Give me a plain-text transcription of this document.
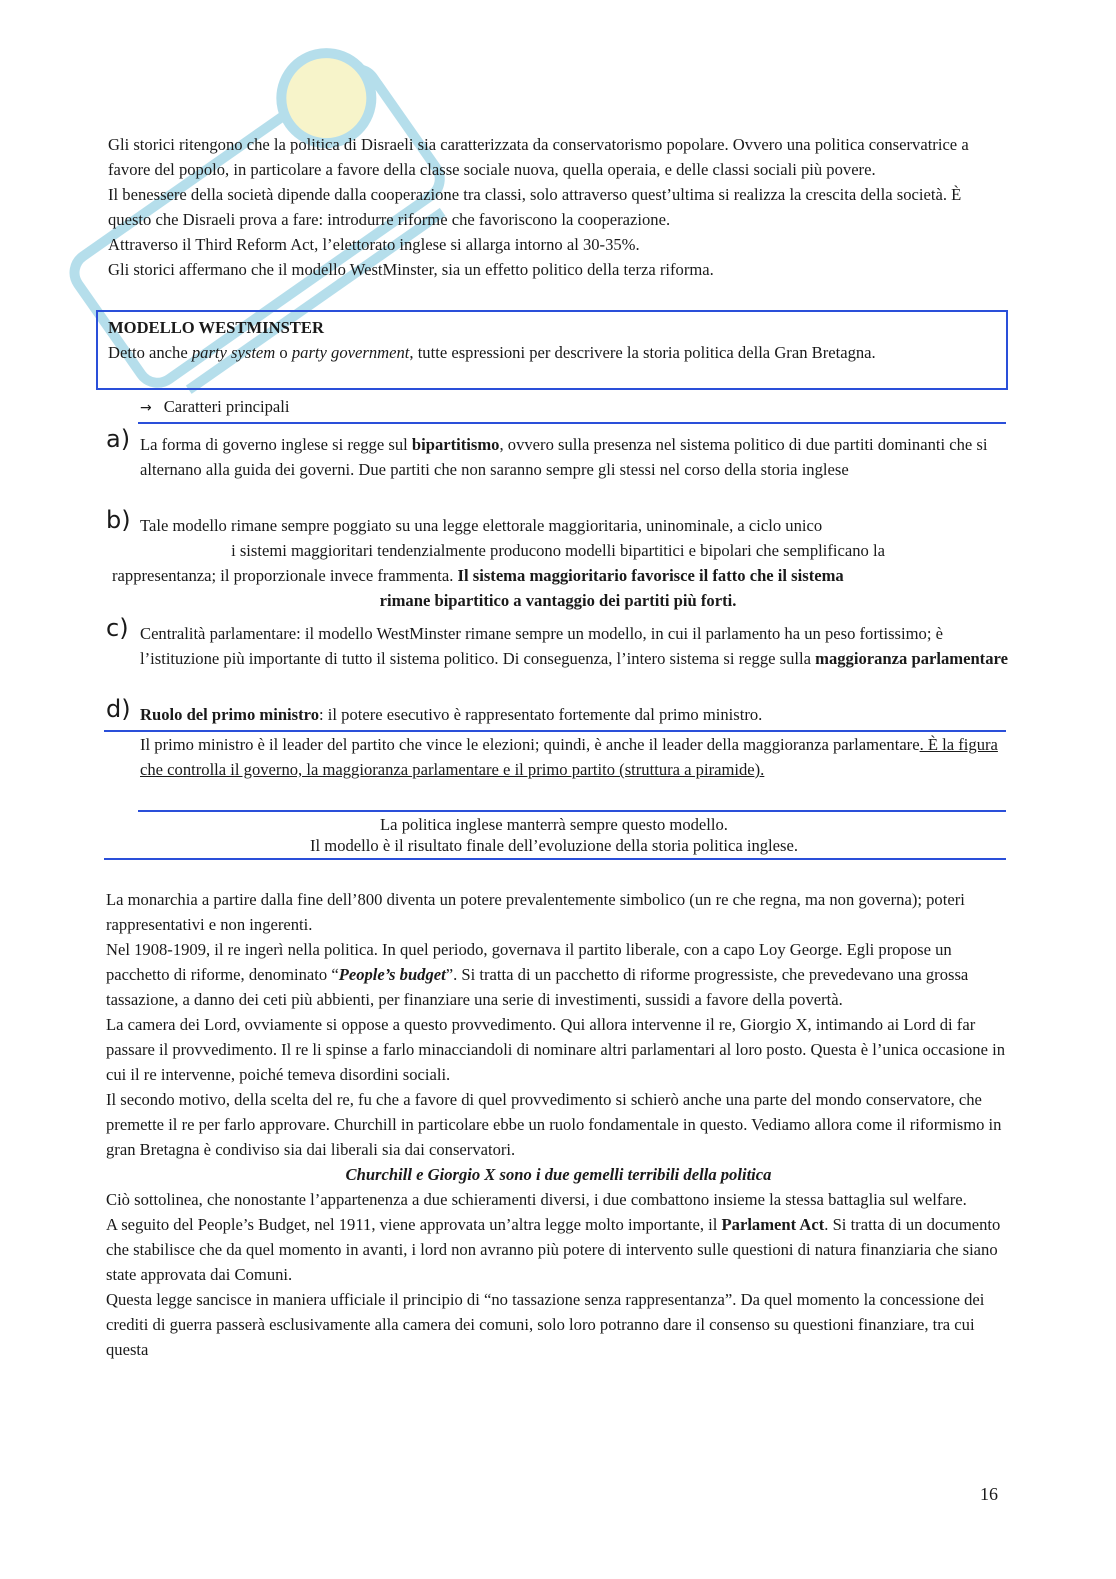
Gli storici ritengono che la politica di Disraeli sia caratterizzata da conservatorismo popolare. Ovvero una politica conservatrice a favore del popolo, in particolare a favore della classe sociale nuova, quella operaia, e delle classi sociali più povere.

Il benessere della società dipende dalla cooperazione tra classi, solo attraverso quest’ultima si realizza la crescita della società. È questo che Disraeli prova a fare: introdurre riforme che favoriscono la cooperazione.

Attraverso il Third Reform Act, l’elettorato inglese si allarga intorno al 30-35%.

Gli storici affermano che il modello WestMinster, sia un effetto politico della terza riforma.

MODELLO WESTMINSTER
Detto anche party system o party government, tutte espressioni per descrivere la storia politica della Gran Bretagna.
→ Caratteri principali
a) La forma di governo inglese si regge sul bipartitismo, ovvero sulla presenza nel sistema politico di due partiti dominanti che si alternano alla guida dei governi. Due partiti che non saranno sempre gli stessi nel corso della storia inglese
b) Tale modello rimane sempre poggiato su una legge elettorale maggioritaria, uninominale, a ciclo unico
i sistemi maggioritari tendenzialmente producono modelli bipartitici e bipolari che semplificano la
rappresentanza; il proporzionale invece frammenta. Il sistema maggioritario favorisce il fatto che il sistema
rimane bipartitico a vantaggio dei partiti più forti.
c) Centralità parlamentare: il modello WestMinster rimane sempre un modello, in cui il parlamento ha un peso fortissimo; è l’istituzione più importante di tutto il sistema politico. Di conseguenza, l’intero sistema si regge sulla maggioranza parlamentare
d) Ruolo del primo ministro: il potere esecutivo è rappresentato fortemente dal primo ministro.
Il primo ministro è il leader del partito che vince le elezioni; quindi, è anche il leader della maggioranza parlamentare. È la figura che controlla il governo, la maggioranza parlamentare e il primo partito (struttura a piramide).
La politica inglese manterrà sempre questo modello.
Il modello è il risultato finale dell’evoluzione della storia politica inglese.

La monarchia a partire dalla fine dell’800 diventa un potere prevalentemente simbolico (un re che regna, ma non governa); poteri rappresentativi e non ingerenti.

Nel 1908-1909, il re ingerì nella politica. In quel periodo, governava il partito liberale, con a capo Loy George. Egli propose un pacchetto di riforme, denominato “People’s budget”. Si tratta di un pacchetto di riforme progressiste, che prevedevano una grossa tassazione, a danno dei ceti più abbienti, per finanziare una serie di investimenti, sussidi a favore della povertà.

La camera dei Lord, ovviamente si oppose a questo provvedimento. Qui allora intervenne il re, Giorgio X, intimando ai Lord di far passare il provvedimento. Il re li spinse a farlo minacciandoli di nominare altri parlamentari al loro posto. Questa è l’unica occasione in cui il re intervenne, poiché temeva disordini sociali.

Il secondo motivo, della scelta del re, fu che a favore di quel provvedimento si schierò anche una parte del mondo conservatore, che premette il re per farlo approvare. Churchill in particolare ebbe un ruolo fondamentale in questo. Vediamo allora come il riformismo in gran Bretagna è condiviso sia dai liberali sia dai conservatori.

Churchill e Giorgio X sono i due gemelli terribili della politica

Ciò sottolinea, che nonostante l’appartenenza a due schieramenti diversi, i due combattono insieme la stessa battaglia sul welfare.

A seguito del People’s Budget, nel 1911, viene approvata un’altra legge molto importante, il Parlament Act. Si tratta di un documento che stabilisce che da quel momento in avanti, i lord non avranno più potere di intervento sulle questioni di natura finanziaria che siano state approvata dai Comuni.

Questa legge sancisce in maniera ufficiale il principio di “no tassazione senza rappresentanza”. Da quel momento la concessione dei crediti di guerra passerà esclusivamente alla camera dei comuni, solo loro potranno dare il consenso su questioni finanziare, tra cui questa

16
